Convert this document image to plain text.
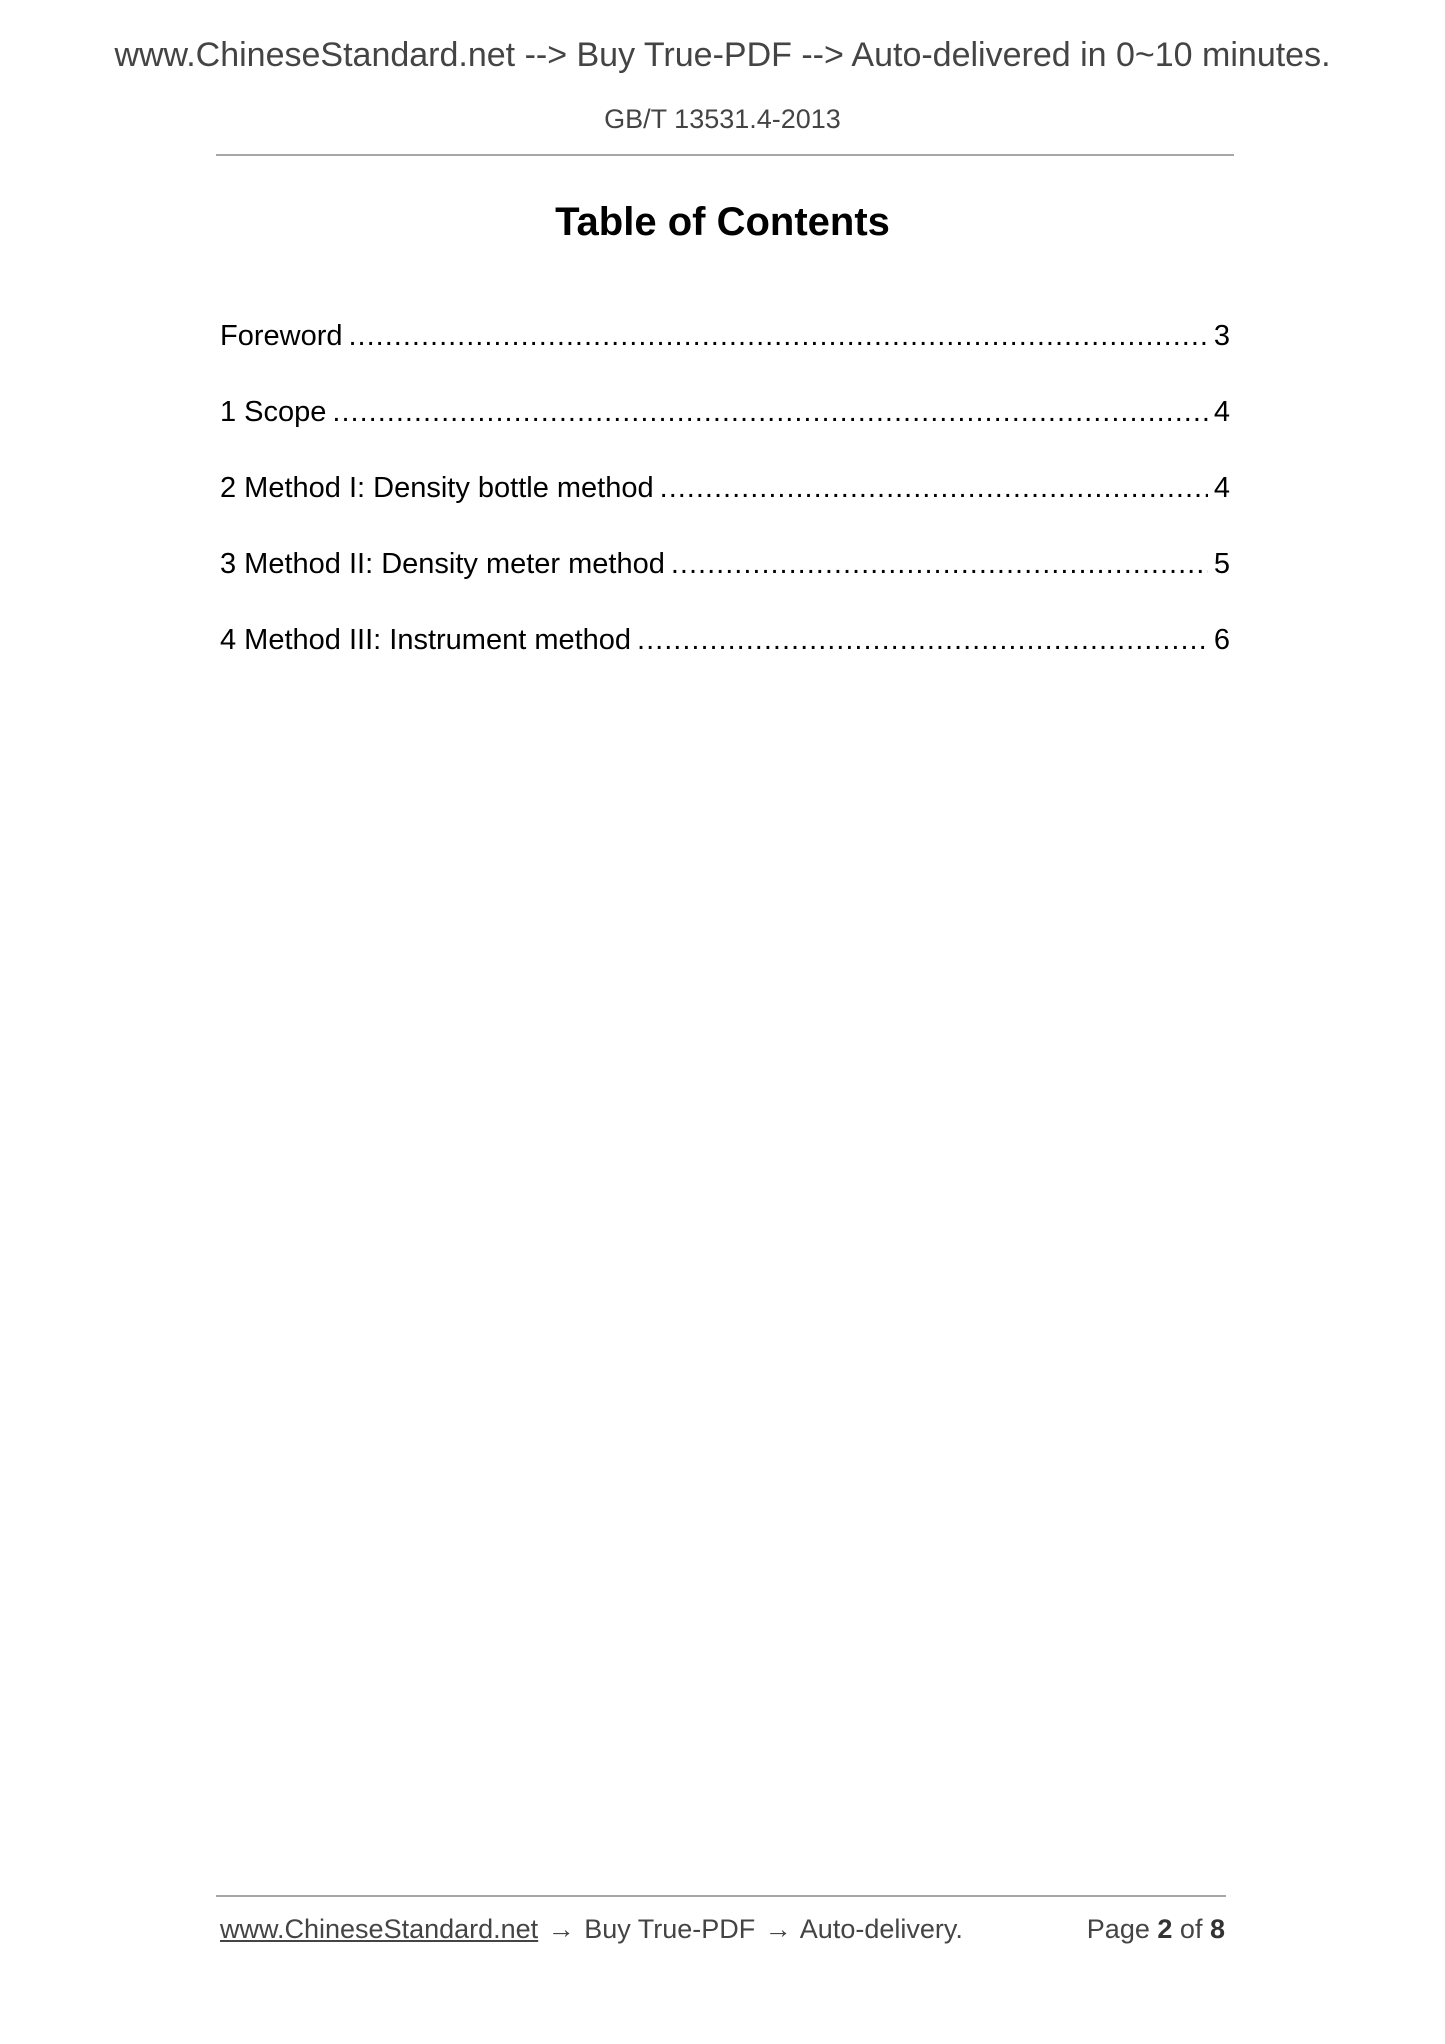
www.ChineseStandard.net --> Buy True-PDF --> Auto-delivered in 0~10 minutes.
GB/T 13531.4-2013
Table of Contents
Foreword .....	3
1 Scope .....	4
2 Method I: Density bottle method .....	4
3 Method II: Density meter method .....	5
4 Method III: Instrument method .....	6
www.ChineseStandard.net → Buy True-PDF → Auto-delivery.	Page 2 of 8
